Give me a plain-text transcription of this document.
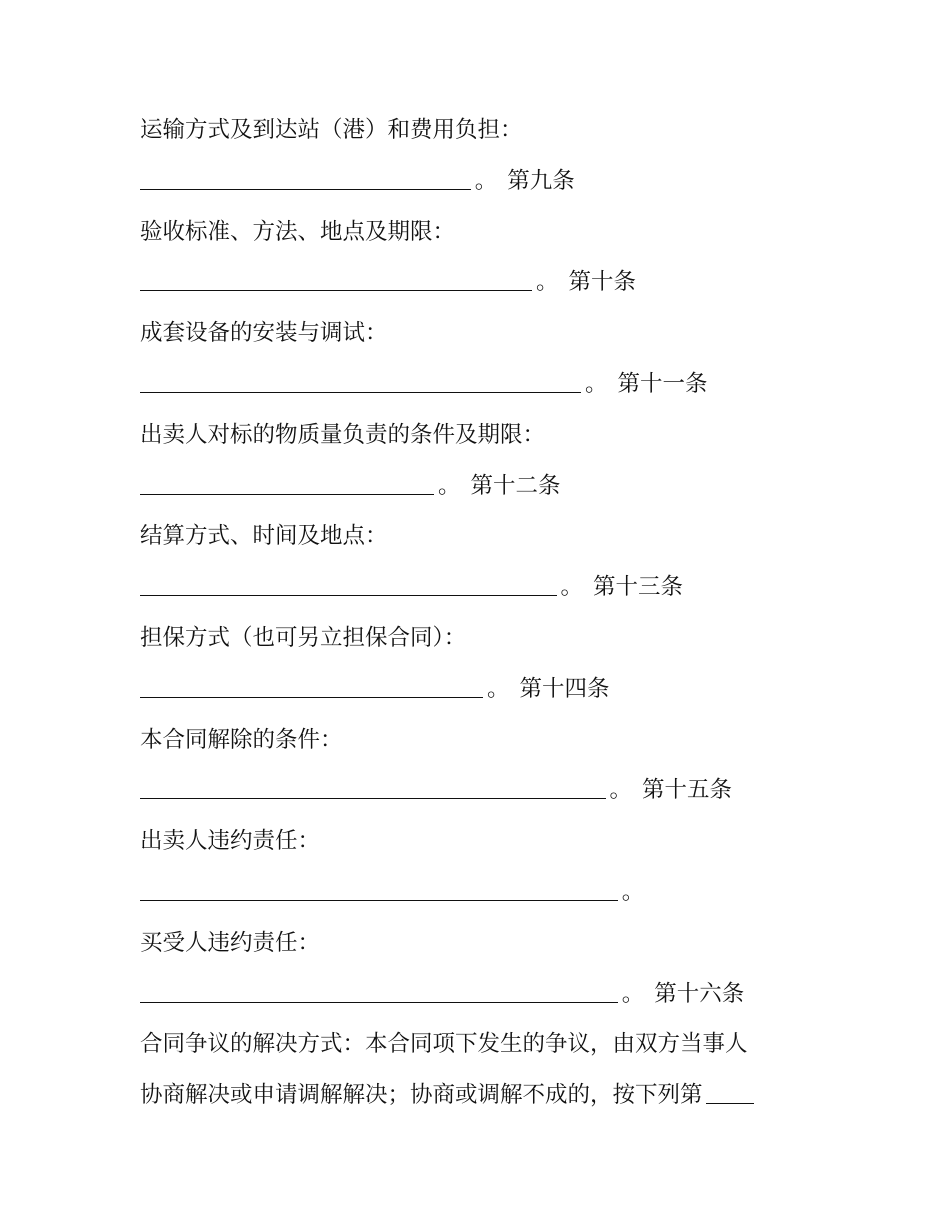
运输方式及到达站（港）和费用负担：
。 第九条
验收标准、方法、地点及期限：
。 第十条
成套设备的安装与调试：
。 第十一条
出卖人对标的物质量负责的条件及期限：
。 第十二条
结算方式、时间及地点：
。 第十三条
担保方式（也可另立担保合同）：
。 第十四条
本合同解除的条件：
。 第十五条
出卖人违约责任：
。
买受人违约责任：
。 第十六条
合同争议的解决方式：本合同项下发生的争议，由双方当事人
协商解决或申请调解解决；协商或调解不成的，按下列第
